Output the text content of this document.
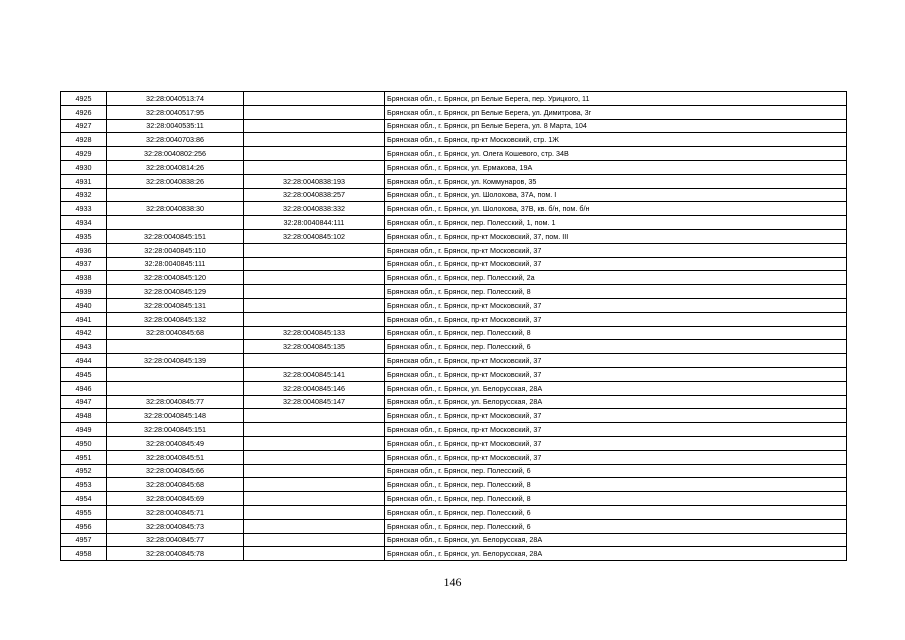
4925	32:28:0040513:74		Брянская обл., г. Брянск, рп Белые Берега, пер. Урицкого, 11
4926	32:28:0040517:95		Брянская обл., г. Брянск, рп Белые Берега, ул. Димитрова, 3г
4927	32:28:0040535:11		Брянская обл., г. Брянск, рп Белые Берега, ул. 8 Марта, 104
4928	32:28:0040703:86		Брянская обл., г. Брянск, пр-кт Московский, стр. 1Ж
4929	32:28:0040802:256		Брянская обл., г. Брянск, ул. Олега Кошевого, стр. 34В
4930	32:28:0040814:26		Брянская обл., г. Брянск, ул. Ермакова, 19А
4931	32:28:0040838:26	32:28:0040838:193	Брянская обл., г. Брянск, ул. Коммунаров, 35
4932		32:28:0040838:257	Брянская обл., г. Брянск, ул. Шолохова, 37А, пом. I
4933	32:28:0040838:30	32:28:0040838:332	Брянская обл., г. Брянск, ул. Шолохова, 37В, кв. б/н, пом. б/н
4934		32:28:0040844:111	Брянская обл., г. Брянск, пер. Полесский, 1, пом. 1
4935	32:28:0040845:151	32:28:0040845:102	Брянская обл., г. Брянск, пр-кт Московский, 37, пом. III
4936	32:28:0040845:110		Брянская обл., г. Брянск, пр-кт Московский, 37
4937	32:28:0040845:111		Брянская обл., г. Брянск, пр-кт Московский, 37
4938	32:28:0040845:120		Брянская обл., г. Брянск, пер. Полесский, 2а
4939	32:28:0040845:129		Брянская обл., г. Брянск, пер. Полесский, 8
4940	32:28:0040845:131		Брянская обл., г. Брянск, пр-кт Московский, 37
4941	32:28:0040845:132		Брянская обл., г. Брянск, пр-кт Московский, 37
4942	32:28:0040845:68	32:28:0040845:133	Брянская обл., г. Брянск, пер. Полесский, 8
4943		32:28:0040845:135	Брянская обл., г. Брянск, пер. Полесский, 6
4944	32:28:0040845:139		Брянская обл., г. Брянск, пр-кт Московский, 37
4945		32:28:0040845:141	Брянская обл., г. Брянск, пр-кт Московский, 37
4946		32:28:0040845:146	Брянская обл., г. Брянск, ул. Белорусская, 28А
4947	32:28:0040845:77	32:28:0040845:147	Брянская обл., г. Брянск, ул. Белорусская, 28А
4948	32:28:0040845:148		Брянская обл., г. Брянск, пр-кт Московский, 37
4949	32:28:0040845:151		Брянская обл., г. Брянск, пр-кт Московский, 37
4950	32:28:0040845:49		Брянская обл., г. Брянск, пр-кт Московский, 37
4951	32:28:0040845:51		Брянская обл., г. Брянск, пр-кт Московский, 37
4952	32:28:0040845:66		Брянская обл., г. Брянск, пер. Полесский, 6
4953	32:28:0040845:68		Брянская обл., г. Брянск, пер. Полесский, 8
4954	32:28:0040845:69		Брянская обл., г. Брянск, пер. Полесский, 8
4955	32:28:0040845:71		Брянская обл., г. Брянск, пер. Полесский, 6
4956	32:28:0040845:73		Брянская обл., г. Брянск, пер. Полесский, 6
4957	32:28:0040845:77		Брянская обл., г. Брянск, ул. Белорусская, 28А
4958	32:28:0040845:78		Брянская обл., г. Брянск, ул. Белорусская, 28А
146
